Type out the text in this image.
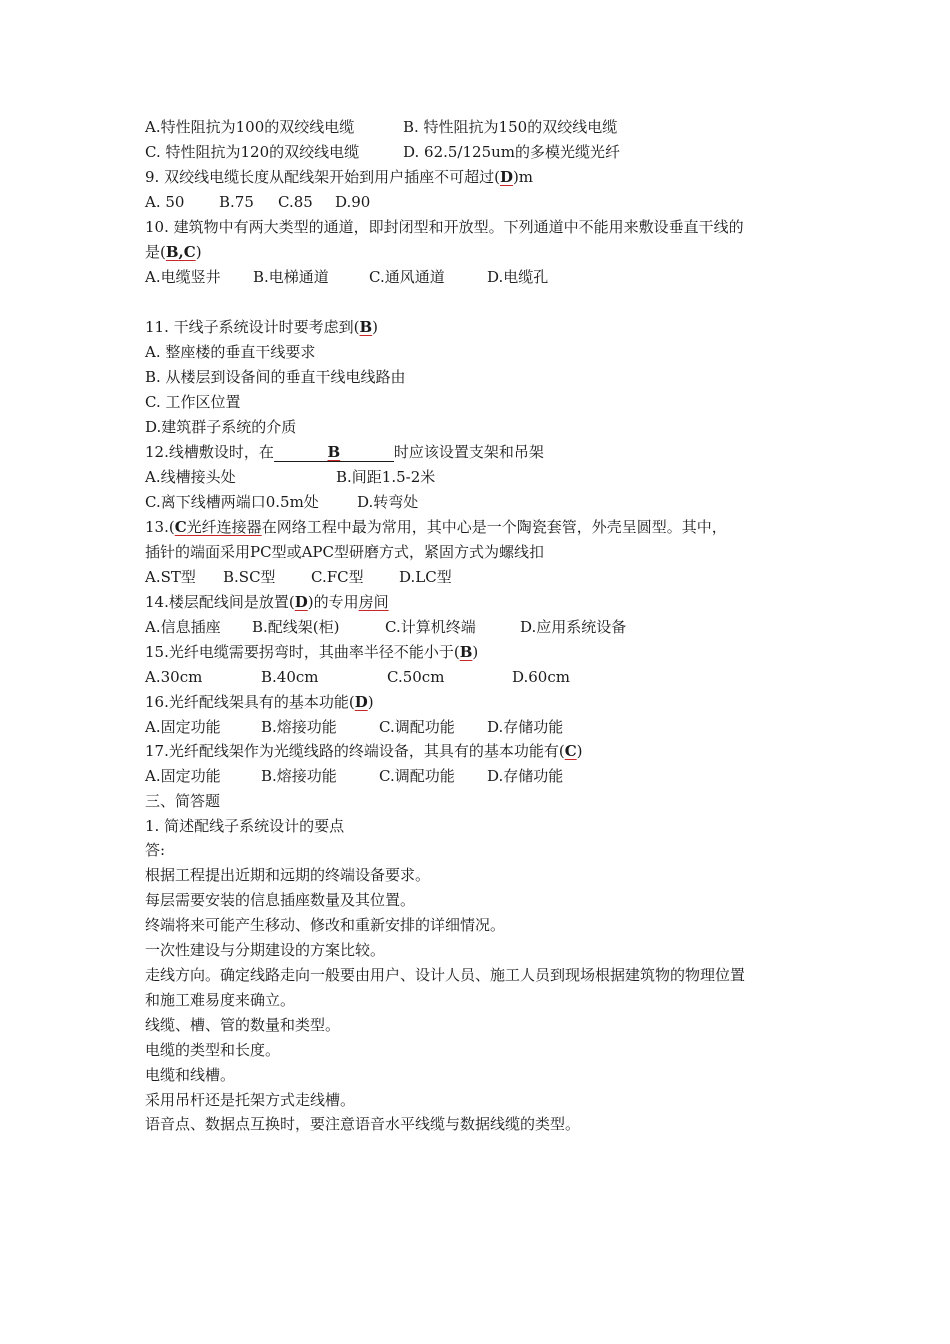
A.特性阻抗为100的双绞线电缆	B. 特性阻抗为150的双绞线电缆

C. 特性阻抗为120的双绞线电缆	D. 62.5/125um的多模光缆光纤

9. 双绞线电缆长度从配线架开始到用户插座不可超过(D)m

A. 50 B.75 C.85 D.90

10. 建筑物中有两大类型的通道，即封闭型和开放型。下列通道中不能用来敷设垂直干线的

是(B,C)

A.电缆竖井 B.电梯通道	C.通风通道	D.电缆孔

11. 干线子系统设计时要考虑到(B)

A. 整座楼的垂直干线要求

B. 从楼层到设备间的垂直干线电线路由

C. 工作区位置

D.建筑群子系统的介质

12.线槽敷设时，在	B	时应该设置支架和吊架

A.线槽接头处	B.间距1.5-2米

C.离下线槽两端口0.5m处	D.转弯处

13.(C光纤连接器在网络工程中最为常用，其中心是一个陶瓷套管，外壳呈圆型。其中，

插针的端面采用PC型或APC型研磨方式，紧固方式为螺线扣

A.ST型 B.SC型 C.FC型 D.LC型

14.楼层配线间是放置(D)的专用房间

A.信息插座 B.配线架(柜)	C.计算机终端	D.应用系统设备

15.光纤电缆需要拐弯时，其曲率半径不能小于(B)

A.30cm	B.40cm	C.50cm	D.60cm

16.光纤配线架具有的基本功能(D)

A.固定功能	B.熔接功能	C.调配功能 D.存储功能

17.光纤配线架作为光缆线路的终端设备，其具有的基本功能有(C)

A.固定功能	B.熔接功能	C.调配功能 D.存储功能

三、简答题

1. 简述配线子系统设计的要点

答:

根据工程提出近期和远期的终端设备要求。

每层需要安装的信息插座数量及其位置。

终端将来可能产生移动、修改和重新安排的详细情况。

一次性建设与分期建设的方案比较。

走线方向。确定线路走向一般要由用户、设计人员、施工人员到现场根据建筑物的物理位置

和施工难易度来确立。

线缆、槽、管的数量和类型。

电缆的类型和长度。

电缆和线槽。

采用吊杆还是托架方式走线槽。

语音点、数据点互换时，要注意语音水平线缆与数据线缆的类型。
